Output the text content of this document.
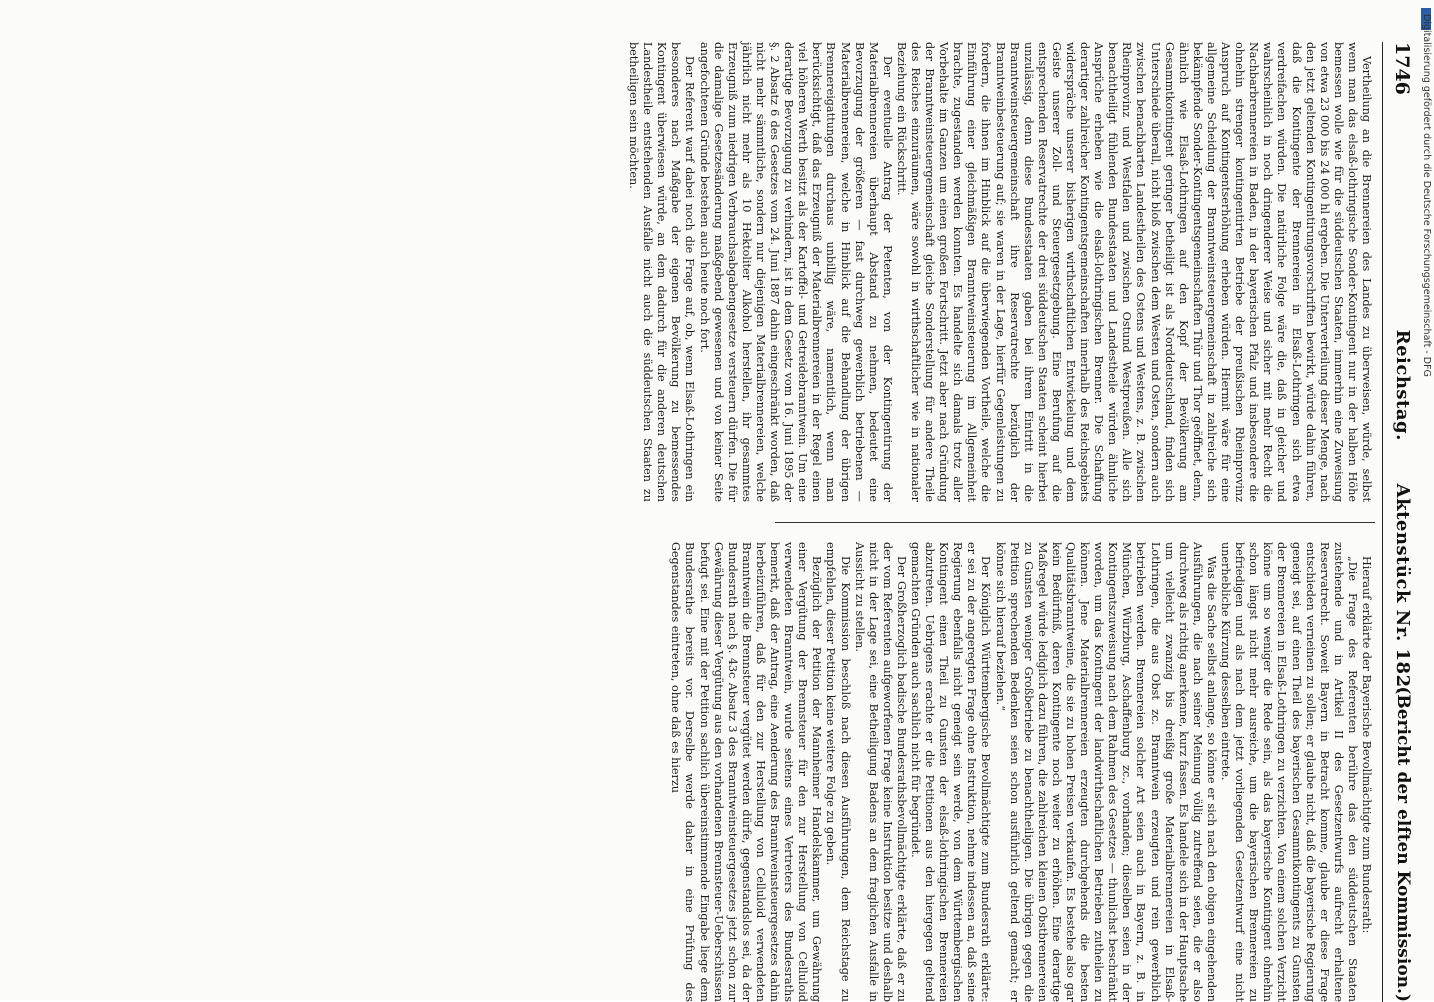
1746
Reichstag. Aktenstück Nr. 182.
(Bericht der elften Kommission.)

Vertheilung an die Brennereien des Landes zu überweisen, würde, selbst wenn man das elsaß-lothringische Sonder-Kontingent nur in der halben Höhe bemessen wolle wie für die süddeutschen Staaten, immerhin eine Zuweisung von etwa 23 000 bis 24 000 hl ergeben. Die Unterverteilung dieser Menge, nach den jetzt geltenden Kontingentirungsvorschriften bewirkt, würde dahin führen, daß die Kontingente der Brennereien in Elsaß-Lothringen sich etwa verdreifachen würden. Die natürliche Folge wäre die, daß in gleicher und wahrscheinlich in noch dringenderer Weise und sicher mit mehr Recht die Nachbarbrennereien in Baden, in der bayerischen Pfalz und insbesondere die ohnehin strenger kontingentirten Betriebe der preußischen Rheinprovinz Anspruch auf Kontingentserhöhung erheben würden. Hiermit wäre für eine allgemeine Scheidung der Branntweinsteuergemeinschaft in zahlreiche sich bekämpfende Sonder-Kontingentsgemeinschaften Thür und Thor geöffnet, denn, ähnlich wie Elsaß-Lothringen auf den Kopf der Bevölkerung am Gesammtkontingent geringer betheiligt ist als Norddeutschland, finden sich Unterschiede überall, nicht bloß zwischen dem Westen und Osten, sondern auch zwischen benachbarten Landestheilen des Ostens und Westens, z. B. zwischen Rheinprovinz und Westfalen und zwischen Ostund Westpreußen. Alle sich benachtheiligt fühlenden Bundesstaaten und Landestheile würden ähnliche Ansprüche erheben wie die elsaß-lothringischen Brenner. Die Schaffung derartiger zahlreicher Kontingentsgemeinschaften innerhalb des Reichsgebiets widerspräche unserer bisherigen wirthschaftlichen Entwickelung und dem Geiste unserer Zoll- und Steuergesetzgebung. Eine Berufung auf die entsprechenden Reservatrechte der drei süddeutschen Staaten scheint hierbei unzulässig, denn diese Bundesstaaten gaben bei ihrem Eintritt in die Branntweinsteuergemeinschaft ihre Reservatrechte bezüglich der Branntweinbesteuerung auf; sie waren in der Lage, hierfür Gegenleistungen zu fordern, die ihnen im Hinblick auf die überwiegenden Vortheile, welche die Einführung einer gleichmäßigen Branntweinsteuerung im Allgemeinheit brachte, zugestanden werden konnten. Es handelte sich damals trotz aller Vorbehalte im Ganzen um einen großen Fortschritt. Jetzt aber nach Gründung der Branntweinsteuergemeinschaft gleiche Sonderstellung für andere Theile des Reiches einzuräumen, wäre sowohl in wirthschaftlicher wie in nationaler Beziehung ein Rückschritt.

Der eventuelle Antrag der Petenten, von der Kontingentirung der Materialbrennereien überhaupt Abstand zu nehmen, bedeutet eine Bevorzugung der größeren — fast durchweg gewerblich betriebenen — Materialbrennereien, welche in Hinblick auf die Behandlung der übrigen Brennereigattungen durchaus unbillig wäre, namentlich, wenn man berücksichtigt, daß das Erzeugniß der Materialbrennereien in der Regel einen viel höheren Werth besitzt als der Kartoffel- und Getreidebranntwein. Um eine derartige Bevorzugung zu verhindern, ist in dem Gesetz vom 16. Juni 1895 der §. 2 Absatz 6 des Gesetzes vom 24. Juni 1887 dahin eingeschränkt worden, daß nicht mehr sämmtliche, sondern nur diejenigen Materialbrennereien, welche jährlich nicht mehr als 10 Hektoliter Alkohol herstellen, ihr gesammtes Erzeugniß zum niedrigen Verbrauchsabgabengesetze versteuern dürfen. Die für die damalige Gesetzesänderung maßgebend gewesenen und von keiner Seite angefochtenen Gründe bestehen auch heute noch fort.

Der Referent warf dabei noch die Frage auf, ob, wenn Elsaß-Lothringen ein besonderes nach Maßgabe der eigenen Bevölkerung zu bemessendes Kontingent überwiesen würde, an dem dadurch für die anderen deutschen Landestheile entstehenden Ausfalle nicht auch die süddeutschen Staaten zu betheiligen sein möchten.

Hierauf erklärte der Bayerische Bevollmächtigte zum Bundesrath:

„Die Frage des Referenten berühre das den süddeutschen Staaten zustehende und in Artikel II des Gesetzentwurfs aufrecht erhaltene Reservatrecht. Soweit Bayern in Betracht komme, glaube er diese Frage entschieden verneinen zu sollen; er glaube nicht, daß die bayerische Regierung geneigt sei, auf einen Theil des bayerischen Gesammtkontingents zu Gunsten der Brennereien in Elsaß-Lothringen zu verzichten. Von einem solchen Verzicht könne um so weniger die Rede sein, als das bayerische Kontingent ohnehin schon längst nicht mehr ausreiche, um die bayerischen Brennereien zu befriedigen und als nach dem jetzt vorliegenden Gesetzentwurf eine nicht unerhebliche Kürzung desselben eintrete.

Was die Sache selbst anlange, so könne er sich nach den obigen eingehenden Ausführungen, die nach seiner Meinung völlig zutreffend seien, die er also durchweg als richtig anerkenne, kurz fassen. Es handele sich in der Hauptsache um vielleicht zwanzig bis dreißig große Materialbrennereien in Elsaß-Lothringen, die aus Obst zc. Branntwein erzeugten und rein gewerblich betrieben werden. Brennereien solcher Art seien auch in Bayern, z. B. in München, Würzburg, Aschaffenburg zc., vorhanden; dieselben seien in der Kontingentszuweisung nach dem Rahmen des Gesetzes — thunlichst beschränkt worden, um das Kontingent der landwirthschaftlichen Betrieben zutheilen zu können. Jene Materialbrennereien erzeugten durchgehends die besten Qualitätsbranntweine, die sie zu hohen Preisen verkaufen. Es bestehe also gar kein Bedürfniß, deren Kontingente noch weiter zu erhöhen. Eine derartige Maßregel würde lediglich dazu führen, die zahlreichen kleinen Obstbrennereien zu Gunsten weniger Großbetriebe zu benachtheiligen. Die übrigen gegen die Petition sprechenden Bedenken seien schon ausführlich geltend gemacht; er könne sich hierauf beziehen.“

Der Königlich Württembergische Bevollmächtigte zum Bundesrath erklärte: er sei zu der angeregten Frage ohne Instruktion, nehme indessen an, daß seine Regierung ebenfalls nicht geneigt sein werde, von dem Württembergischen Kontingent einen Theil zu Gunsten der elsaß-lothringischen Brennereien abzutreten. Uebrigens erachte er die Petitionen aus den hiergegen geltend gemachten Gründen auch sachlich nicht für begründet.

Der Großherzoglich badische Bundesrathsbevollmächtigte erklärte, daß er zu der vom Referenten aufgeworfenen Frage keine Instruktion besitze und deshalb nicht in der Lage sei, eine Betheiligung Badens an dem fraglichen Ausfalle in Aussicht zu stellen.

Die Kommission beschloß nach diesen Ausführungen, dem Reichstage zu empfehlen, dieser Petition keine weitere Folge zu geben.

Bezüglich der Petition der Mannheimer Handelskammer, um Gewährung einer Vergütung der Brennsteuer für den zur Herstellung von Celluloid verwendeten Branntwein, wurde seitens eines Vertreters des Bundesraths bemerkt, daß der Antrag, eine Aenderung des Branntweinsteuergesetzes dahin herbeizuführen, daß für den zur Herstellung von Celluloid verwendeten Branntwein die Brennsteuer vergütet werden dürfe, gegenstandslos sei, da der Bundesrath nach §. 43c Absatz 3 des Branntweinsteuergesetzes jetzt schon zur Gewährung dieser Vergütung aus den vorhandenen Brennsteuer-Ueberschüssen befugt sei. Eine mit der Petition sachlich übereinstimmende Eingabe liege dem Bundesrathe bereits vor. Derselbe werde daher in eine Prüfung des Gegenstandes eintreten, ohne daß es hierzu

Digitalisierung gefördert durch die Deutsche Forschungsgemeinschaft - DFG
